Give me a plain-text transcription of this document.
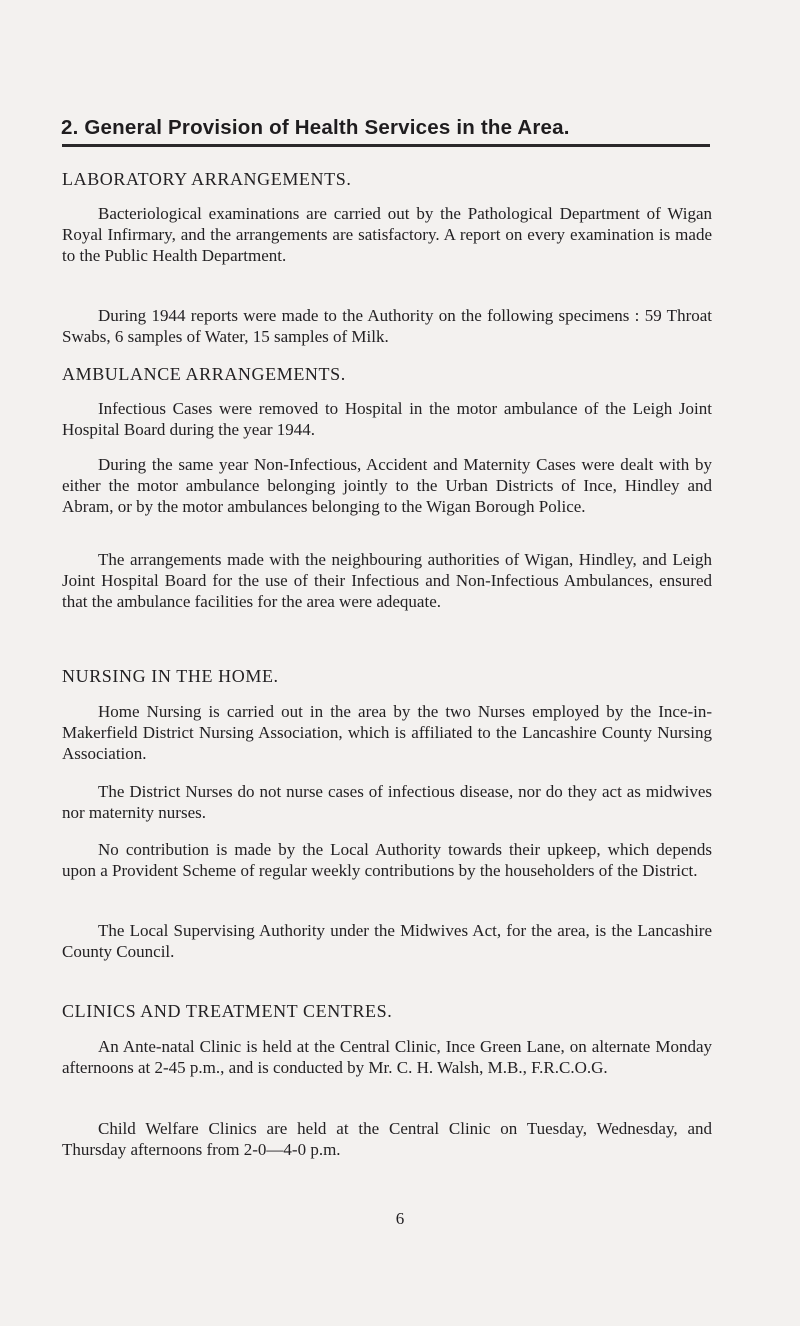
2. General Provision of Health Services in the Area.
LABORATORY ARRANGEMENTS.
Bacteriological examinations are carried out by the Pathological Department of Wigan Royal Infirmary, and the arrangements are satisfactory. A report on every examination is made to the Public Health Department.
During 1944 reports were made to the Authority on the following specimens : 59 Throat Swabs, 6 samples of Water, 15 samples of Milk.
AMBULANCE ARRANGEMENTS.
Infectious Cases were removed to Hospital in the motor ambulance of the Leigh Joint Hospital Board during the year 1944.
During the same year Non-Infectious, Accident and Maternity Cases were dealt with by either the motor ambulance belonging jointly to the Urban Districts of Ince, Hindley and Abram, or by the motor ambulances belonging to the Wigan Borough Police.
The arrangements made with the neighbouring authorities of Wigan, Hindley, and Leigh Joint Hospital Board for the use of their Infectious and Non-Infectious Ambulances, ensured that the ambulance facilities for the area were adequate.
NURSING IN THE HOME.
Home Nursing is carried out in the area by the two Nurses employed by the Ince-in-Makerfield District Nursing Association, which is affiliated to the Lancashire County Nursing Association.
The District Nurses do not nurse cases of infectious disease, nor do they act as midwives nor maternity nurses.
No contribution is made by the Local Authority towards their upkeep, which depends upon a Provident Scheme of regular weekly contributions by the householders of the District.
The Local Supervising Authority under the Midwives Act, for the area, is the Lancashire County Council.
CLINICS AND TREATMENT CENTRES.
An Ante-natal Clinic is held at the Central Clinic, Ince Green Lane, on alternate Monday afternoons at 2-45 p.m., and is conducted by Mr. C. H. Walsh, M.B., F.R.C.O.G.
Child Welfare Clinics are held at the Central Clinic on Tuesday, Wednesday, and Thursday afternoons from 2-0—4-0 p.m.
6
